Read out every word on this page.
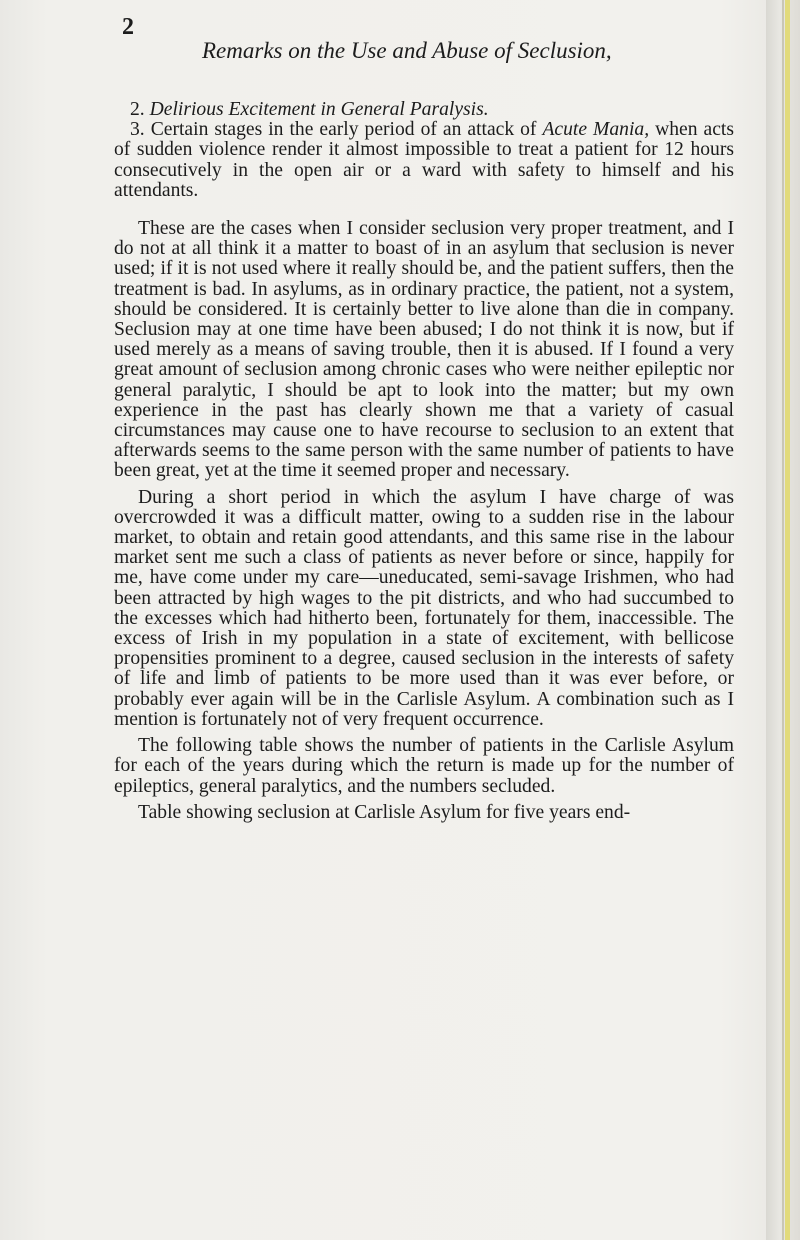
2
Remarks on the Use and Abuse of Seclusion,

2. Delirious Excitement in General Paralysis.

3. Certain stages in the early period of an attack of Acute Mania, when acts of sudden violence render it almost impossible to treat a patient for 12 hours consecutively in the open air or a ward with safety to himself and his attendants.

These are the cases when I consider seclusion very proper treatment, and I do not at all think it a matter to boast of in an asylum that seclusion is never used; if it is not used where it really should be, and the patient suffers, then the treatment is bad. In asylums, as in ordinary practice, the patient, not a system, should be considered. It is certainly better to live alone than die in company. Seclusion may at one time have been abused; I do not think it is now, but if used merely as a means of saving trouble, then it is abused. If I found a very great amount of seclusion among chronic cases who were neither epileptic nor general paralytic, I should be apt to look into the matter; but my own experience in the past has clearly shown me that a variety of casual circumstances may cause one to have recourse to seclusion to an extent that afterwards seems to the same person with the same number of patients to have been great, yet at the time it seemed proper and necessary.

During a short period in which the asylum I have charge of was overcrowded it was a difficult matter, owing to a sudden rise in the labour market, to obtain and retain good attendants, and this same rise in the labour market sent me such a class of patients as never before or since, happily for me, have come under my care—uneducated, semi-savage Irishmen, who had been attracted by high wages to the pit districts, and who had succumbed to the excesses which had hitherto been, fortunately for them, inaccessible. The excess of Irish in my population in a state of excitement, with bellicose propensities prominent to a degree, caused seclusion in the interests of safety of life and limb of patients to be more used than it was ever before, or probably ever again will be in the Carlisle Asylum. A combination such as I mention is fortunately not of very frequent occurrence.

The following table shows the number of patients in the Carlisle Asylum for each of the years during which the return is made up for the number of epileptics, general paralytics, and the numbers secluded.

Table showing seclusion at Carlisle Asylum for five years end-
